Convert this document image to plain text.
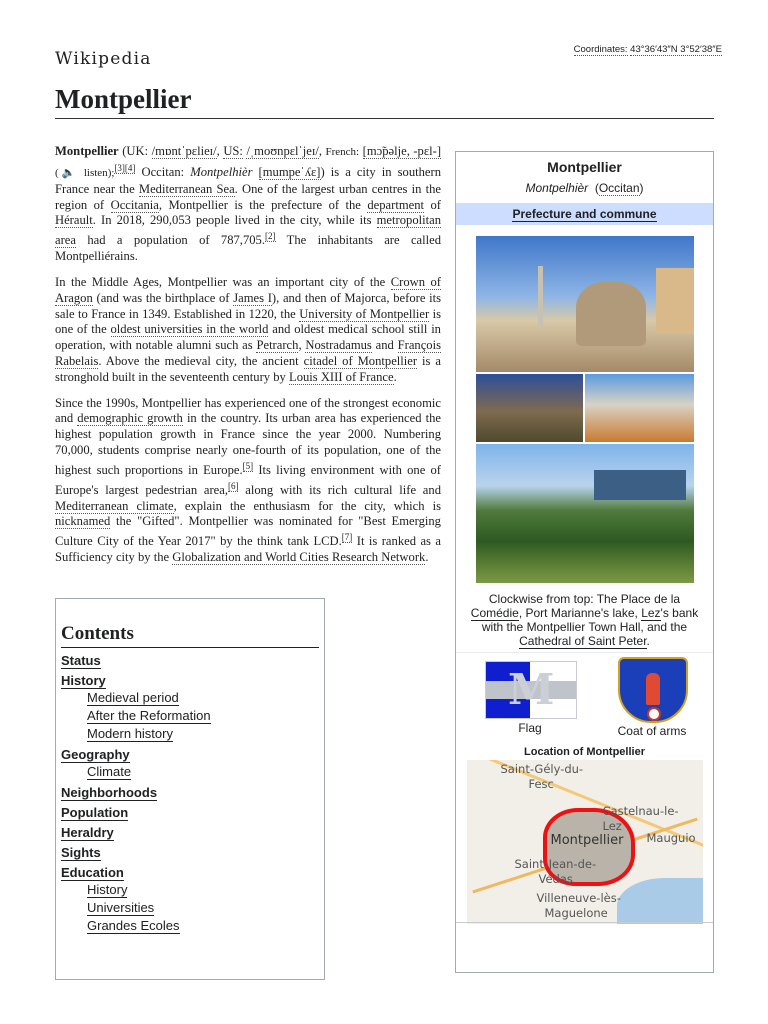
Wikipedia	Coordinates: 43°36′43″N 3°52′38″E
Montpellier

Montpellier (UK: /mɒntˈpɛlieɪ/, US: /ˌmoʊnpɛlˈjeɪ/, French: [mɔ̃pəlje, -pɛl-] (🔈 listen);[3][4] Occitan: Montpelhièr [mumpeˈʎɛ]) is a city in southern France near the Mediterranean Sea. One of the largest urban centres in the region of Occitania, Montpellier is the prefecture of the department of Hérault. In 2018, 290,053 people lived in the city, while its metropolitan area had a population of 787,705.[2] The inhabitants are called Montpelliérains.

In the Middle Ages, Montpellier was an important city of the Crown of Aragon (and was the birthplace of James I), and then of Majorca, before its sale to France in 1349. Established in 1220, the University of Montpellier is one of the oldest universities in the world and oldest medical school still in operation, with notable alumni such as Petrarch, Nostradamus and François Rabelais. Above the medieval city, the ancient citadel of Montpellier is a stronghold built in the seventeenth century by Louis XIII of France.

Since the 1990s, Montpellier has experienced one of the strongest economic and demographic growth in the country. Its urban area has experienced the highest population growth in France since the year 2000. Numbering 70,000, students comprise nearly one-fourth of its population, one of the highest such proportions in Europe.[5] Its living environment with one of Europe's largest pedestrian area,[6] along with its rich cultural life and Mediterranean climate, explain the enthusiasm for the city, which is nicknamed the "Gifted". Montpellier was nominated for "Best Emerging Culture City of the Year 2017" by the think tank LCD.[7] It is ranked as a Sufficiency city by the Globalization and World Cities Research Network.

Contents
Status
History
Medieval period
After the Reformation
Modern history
Geography
Climate
Neighborhoods
Population
Heraldry
Sights
Education
History
Universities
Grandes Ecoles
Montpellier
Montpelhièr  (Occitan)
Prefecture and commune
Clockwise from top: The Place de la Comédie, Port Marianne's lake, Lez's bank with the Montpellier Town Hall, and the Cathedral of Saint Peter.
M
Flag	Coat of arms
Location of Montpellier
Saint-Gély-du-
Fesc
Castelnau-le-
Lez
Montpellier Mauguio
Saint-Jean-de-
Védas
Villeneuve-lès-
Maguelone
